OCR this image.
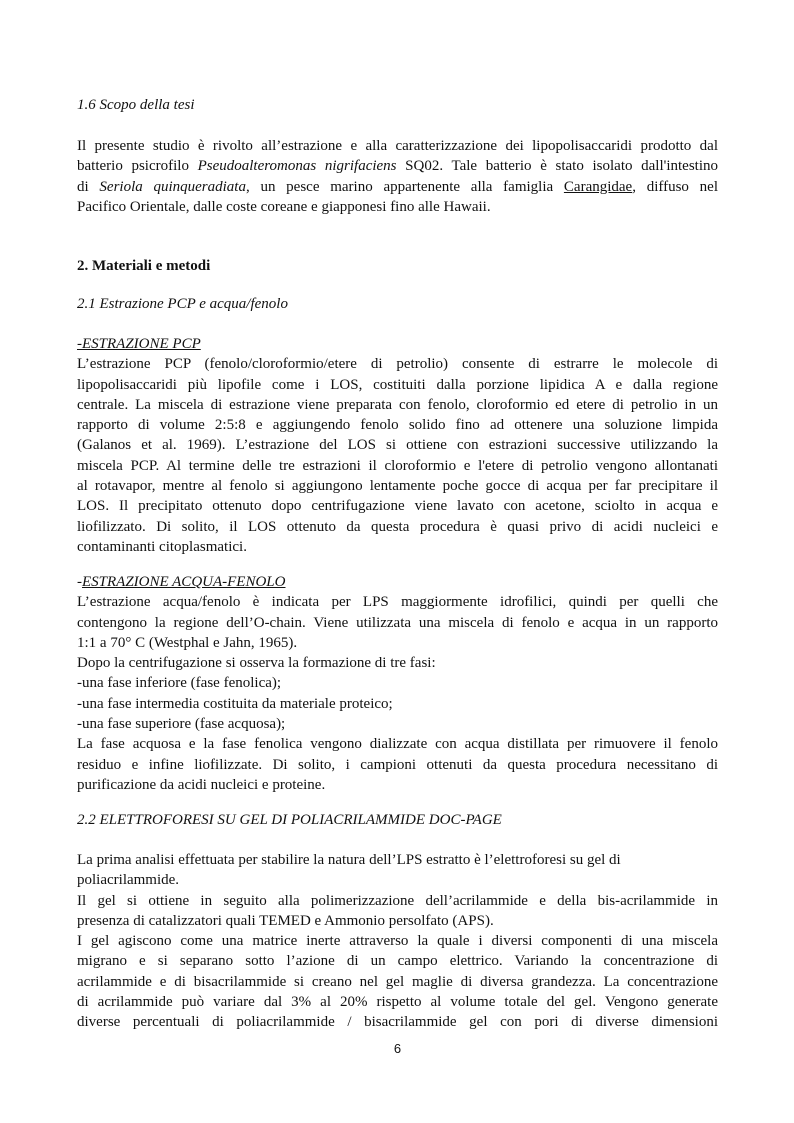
1.6 Scopo della tesi

Il presente studio è rivolto all’estrazione e alla caratterizzazione dei lipopolisaccaridi prodotto dal

batterio psicrofilo Pseudoalteromonas nigrifaciens SQ02. Tale batterio è stato isolato dall'intestino

di Seriola quinqueradiata, un pesce marino appartenente alla famiglia Carangidae, diffuso nel

Pacifico Orientale, dalle coste coreane e giapponesi fino alle Hawaii.

2. Materiali e metodi

2.1 Estrazione PCP e acqua/fenolo

-ESTRAZIONE PCP

L’estrazione PCP (fenolo/cloroformio/etere di petrolio) consente di estrarre le molecole di

lipopolisaccaridi più lipofile come i LOS, costituiti dalla porzione lipidica A e dalla regione

centrale. La miscela di estrazione viene preparata con fenolo, cloroformio ed etere di petrolio in un

rapporto di volume 2:5:8 e aggiungendo fenolo solido fino ad ottenere una soluzione limpida

(Galanos et al. 1969). L’estrazione del LOS si ottiene con estrazioni successive utilizzando la

miscela PCP. Al termine delle tre estrazioni il cloroformio e l'etere di petrolio vengono allontanati

al rotavapor, mentre al fenolo si aggiungono lentamente poche gocce di acqua per far precipitare il

LOS. Il precipitato ottenuto dopo centrifugazione viene lavato con acetone, sciolto in acqua e

liofilizzato. Di solito, il LOS ottenuto da questa procedura è quasi privo di acidi nucleici e

contaminanti citoplasmatici.

-ESTRAZIONE ACQUA-FENOLO

L’estrazione acqua/fenolo è indicata per LPS maggiormente idrofilici, quindi per quelli che

contengono la regione dell’O-chain. Viene utilizzata una miscela di fenolo e acqua in un rapporto

1:1 a 70° C (Westphal e Jahn, 1965).

Dopo la centrifugazione si osserva la formazione di tre fasi:

-una fase inferiore (fase fenolica);

-una fase intermedia costituita da materiale proteico;

-una fase superiore (fase acquosa);

La fase acquosa e la fase fenolica vengono dializzate con acqua distillata per rimuovere il fenolo

residuo e infine liofilizzate. Di solito, i campioni ottenuti da questa procedura necessitano di

purificazione da acidi nucleici e proteine.

2.2 ELETTROFORESI SU GEL DI POLIACRILAMMIDE DOC-PAGE

La prima analisi effettuata per stabilire la natura dell’LPS estratto è l’elettroforesi su gel di

poliacrilammide.

Il gel si ottiene in seguito alla polimerizzazione dell’acrilammide e della bis-acrilammide in

presenza di catalizzatori quali TEMED e Ammonio persolfato (APS).

I gel agiscono come una matrice inerte attraverso la quale i diversi componenti di una miscela

migrano e si separano sotto l’azione di un campo elettrico. Variando la concentrazione di

acrilammide e di bisacrilammide si creano nel gel maglie di diversa grandezza. La concentrazione

di acrilammide può variare dal 3% al 20% rispetto al volume totale del gel. Vengono generate

diverse percentuali di poliacrilammide / bisacrilammide gel con pori di diverse dimensioni

6
